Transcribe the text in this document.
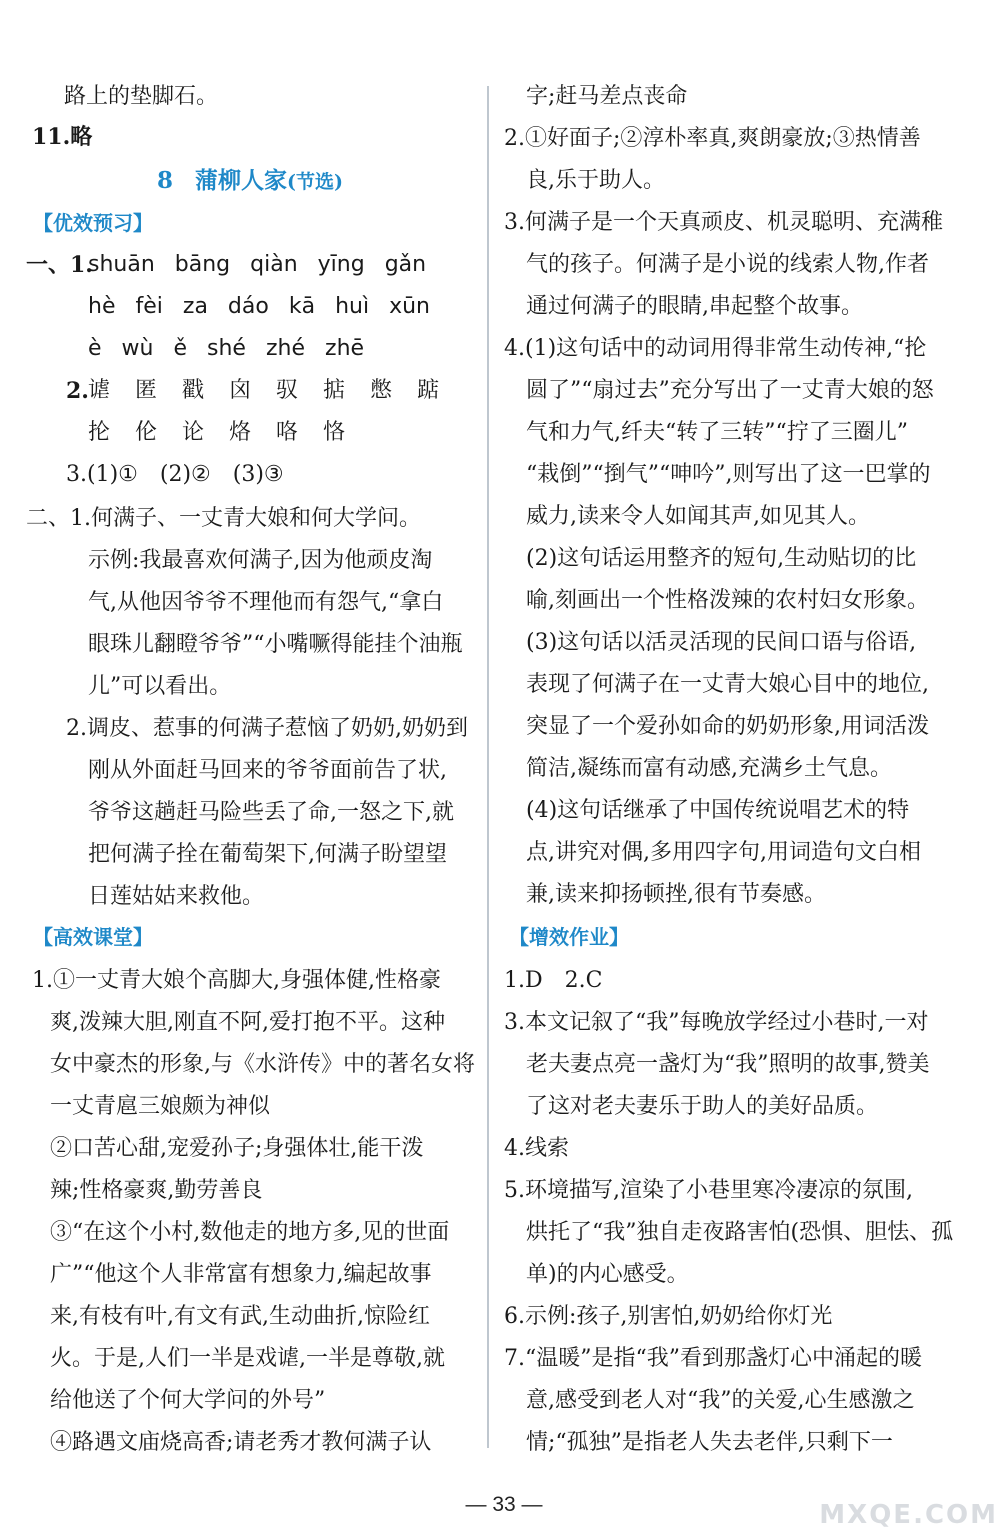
路上的垫脚石。
11.略
8 蒲柳人家(节选)
【优效预习】
一、1.
shuān bāng qiàn yīng gǎn
hè fèi za dáo kā huì xūn
è wù ě shé zhé zhē
2. 谑 匿 戳 囟 驭 掂 憋 踮
抡 伦 论 烙 咯 恪
3.(1)①　(2)②　(3)③
二、1.何满子、一丈青大娘和何大学问。
示例:我最喜欢何满子,因为他顽皮淘
气,从他因爷爷不理他而有怨气,“拿白
眼珠儿翻瞪爷爷”“小嘴噘得能挂个油瓶
儿”可以看出。
2.调皮、惹事的何满子惹恼了奶奶,奶奶到
刚从外面赶马回来的爷爷面前告了状,
爷爷这趟赶马险些丢了命,一怒之下,就
把何满子拴在葡萄架下,何满子盼望望
日莲姑姑来救他。
【高效课堂】
1.①一丈青大娘个高脚大,身强体健,性格豪
爽,泼辣大胆,刚直不阿,爱打抱不平。这种
女中豪杰的形象,与《水浒传》中的著名女将
一丈青扈三娘颇为神似
②口苦心甜,宠爱孙子;身强体壮,能干泼
辣;性格豪爽,勤劳善良
③“在这个小村,数他走的地方多,见的世面
广”“他这个人非常富有想象力,编起故事
来,有枝有叶,有文有武,生动曲折,惊险红
火。于是,人们一半是戏谑,一半是尊敬,就
给他送了个何大学问的外号”
④路遇文庙烧高香;请老秀才教何满子认
字;赶马差点丧命
2.①好面子;②淳朴率真,爽朗豪放;③热情善
良,乐于助人。
3.何满子是一个天真顽皮、机灵聪明、充满稚
气的孩子。何满子是小说的线索人物,作者
通过何满子的眼睛,串起整个故事。
4.(1)这句话中的动词用得非常生动传神,“抡
圆了”“扇过去”充分写出了一丈青大娘的怒
气和力气,纤夫“转了三转”“拧了三圈儿”
“栽倒”“捯气”“呻吟”,则写出了这一巴掌的
威力,读来令人如闻其声,如见其人。
(2)这句话运用整齐的短句,生动贴切的比
喻,刻画出一个性格泼辣的农村妇女形象。
(3)这句话以活灵活现的民间口语与俗语,
表现了何满子在一丈青大娘心目中的地位,
突显了一个爱孙如命的奶奶形象,用词活泼
简洁,凝练而富有动感,充满乡土气息。
(4)这句话继承了中国传统说唱艺术的特
点,讲究对偶,多用四字句,用词造句文白相
兼,读来抑扬顿挫,很有节奏感。
【增效作业】
1.D　2.C
3.本文记叙了“我”每晚放学经过小巷时,一对
老夫妻点亮一盏灯为“我”照明的故事,赞美
了这对老夫妻乐于助人的美好品质。
4.线索
5.环境描写,渲染了小巷里寒冷凄凉的氛围,
烘托了“我”独自走夜路害怕(恐惧、胆怯、孤
单)的内心感受。
6.示例:孩子,别害怕,奶奶给你灯光
7.“温暖”是指“我”看到那盏灯心中涌起的暖
意,感受到老人对“我”的关爱,心生感激之
情;“孤独”是指老人失去老伴,只剩下一
— 33 —	MXQE.COM
